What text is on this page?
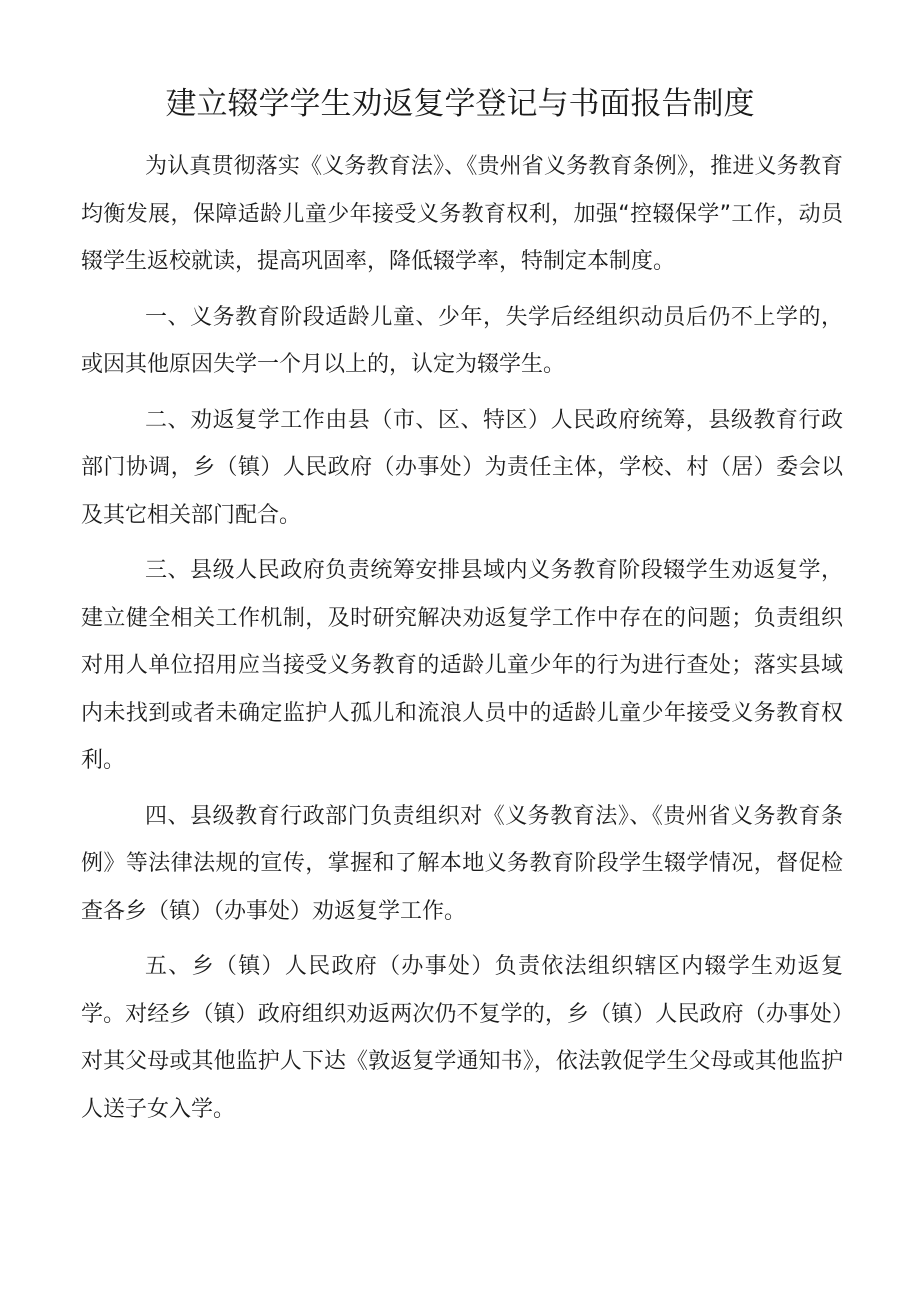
建立辍学学生劝返复学登记与书面报告制度

为认真贯彻落实《义务教育法》、《贵州省义务教育条例》，推进义务教育均衡发展，保障适龄儿童少年接受义务教育权利，加强“控辍保学”工作，动员辍学生返校就读，提高巩固率，降低辍学率，特制定本制度。

一、义务教育阶段适龄儿童、少年，失学后经组织动员后仍不上学的，或因其他原因失学一个月以上的，认定为辍学生。

二、劝返复学工作由县（市、区、特区）人民政府统筹，县级教育行政部门协调，乡（镇）人民政府（办事处）为责任主体，学校、村（居）委会以及其它相关部门配合。

三、县级人民政府负责统筹安排县域内义务教育阶段辍学生劝返复学，建立健全相关工作机制，及时研究解决劝返复学工作中存在的问题；负责组织对用人单位招用应当接受义务教育的适龄儿童少年的行为进行查处；落实县域内未找到或者未确定监护人孤儿和流浪人员中的适龄儿童少年接受义务教育权利。

四、县级教育行政部门负责组织对《义务教育法》、《贵州省义务教育条例》等法律法规的宣传，掌握和了解本地义务教育阶段学生辍学情况，督促检查各乡（镇）（办事处）劝返复学工作。

五、乡（镇）人民政府（办事处）负责依法组织辖区内辍学生劝返复学。对经乡（镇）政府组织劝返两次仍不复学的，乡（镇）人民政府（办事处）对其父母或其他监护人下达《敦返复学通知书》，依法敦促学生父母或其他监护人送子女入学。
